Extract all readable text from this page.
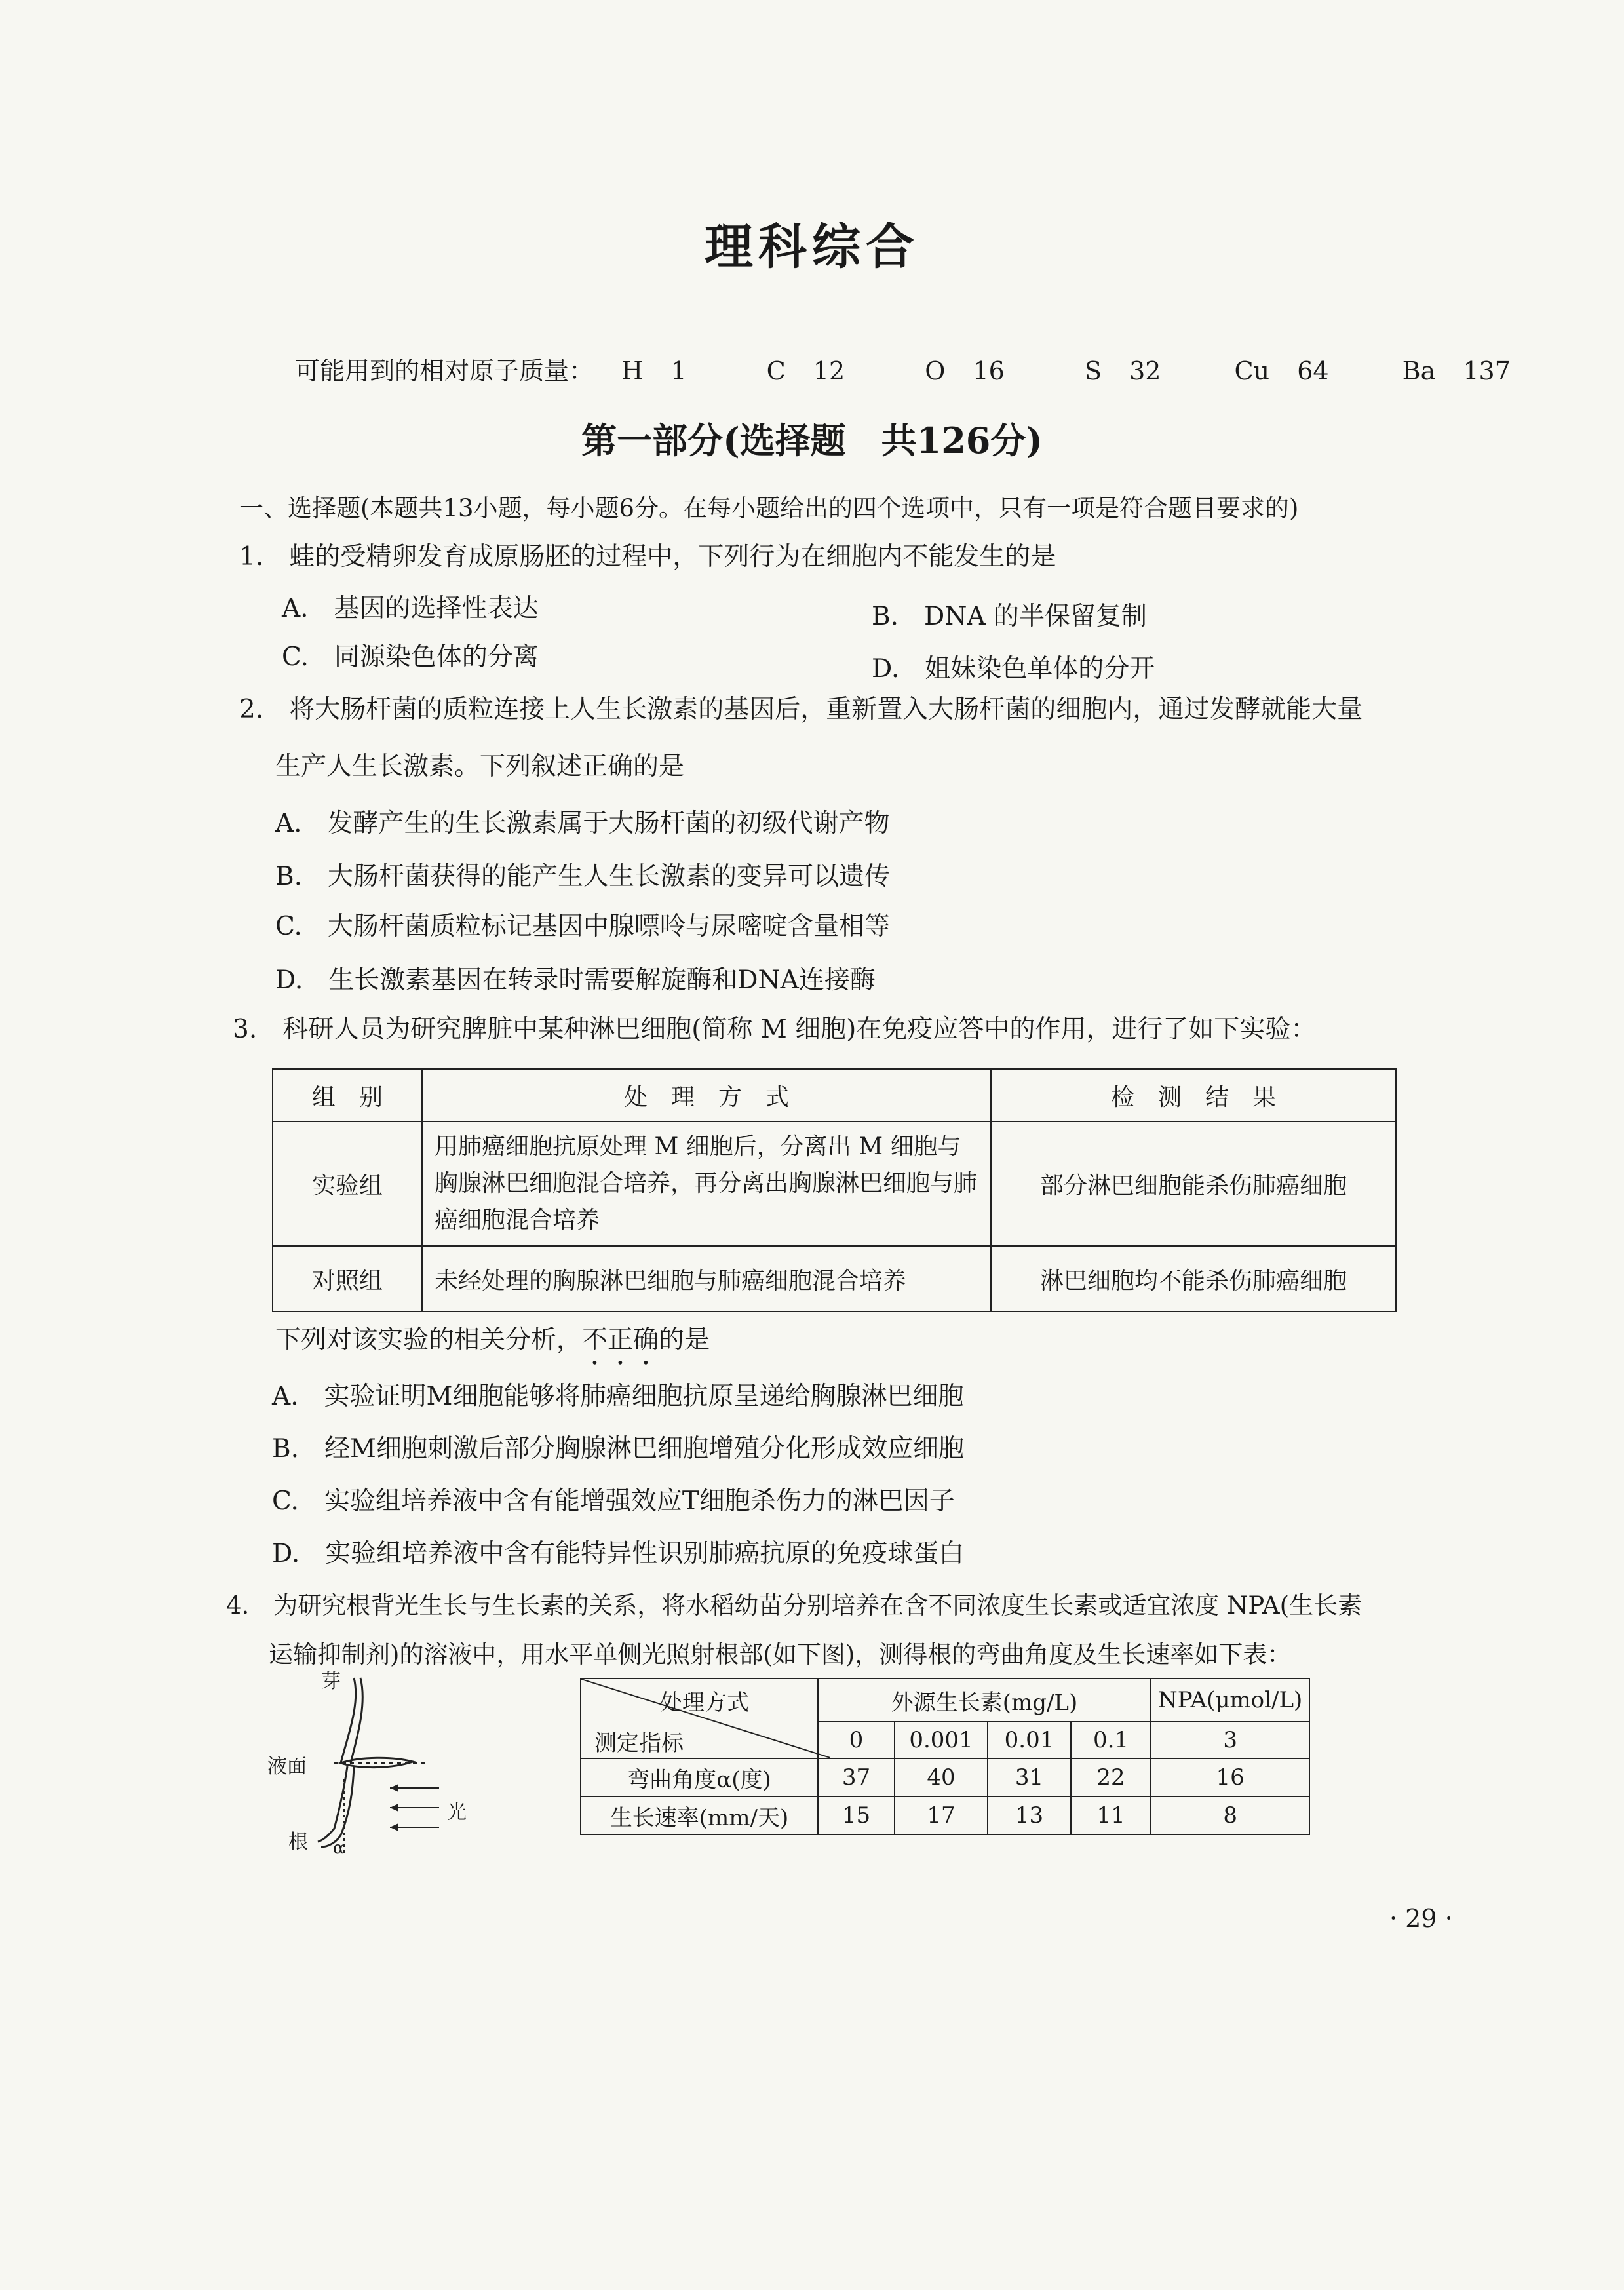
理科综合
可能用到的相对原子质量： H 1	C 12	O 16	S 32	Cu 64	Ba 137
第一部分(选择题　共126分)
一、选择题(本题共13小题，每小题6分。在每小题给出的四个选项中，只有一项是符合题目要求的)
1.　蛙的受精卵发育成原肠胚的过程中，下列行为在细胞内不能发生的是
A.　基因的选择性表达	B.　DNA 的半保留复制
C.　同源染色体的分离	D.　姐妹染色单体的分开
2.　将大肠杆菌的质粒连接上人生长激素的基因后，重新置入大肠杆菌的细胞内，通过发酵就能大量
生产人生长激素。下列叙述正确的是
A.　发酵产生的生长激素属于大肠杆菌的初级代谢产物
B.　大肠杆菌获得的能产生人生长激素的变异可以遗传
C.　大肠杆菌质粒标记基因中腺嘌呤与尿嘧啶含量相等
D.　生长激素基因在转录时需要解旋酶和DNA连接酶
3.　科研人员为研究脾脏中某种淋巴细胞(简称 M 细胞)在免疫应答中的作用，进行了如下实验：
组　别	处　理　方　式	检　测　结　果
实验组	用肺癌细胞抗原处理 M 细胞后，分离出 M 细胞与胸腺淋巴细胞混合培养，再分离出胸腺淋巴细胞与肺癌细胞混合培养	部分淋巴细胞能杀伤肺癌细胞
对照组	未经处理的胸腺淋巴细胞与肺癌细胞混合培养	淋巴细胞均不能杀伤肺癌细胞
下列对该实验的相关分析，不正确的是
A.　实验证明M细胞能够将肺癌细胞抗原呈递给胸腺淋巴细胞
B.　经M细胞刺激后部分胸腺淋巴细胞增殖分化形成效应细胞
C.　实验组培养液中含有能增强效应T细胞杀伤力的淋巴因子
D.　实验组培养液中含有能特异性识别肺癌抗原的免疫球蛋白
4.　为研究根背光生长与生长素的关系，将水稻幼苗分别培养在含不同浓度生长素或适宜浓度 NPA(生长素
运输抑制剂)的溶液中，用水平单侧光照射根部(如下图)，测得根的弯曲角度及生长速率如下表：
芽
液面
根
光
α
处理方式
测定指标	外源生长素(mg/L)				NPA(μmol/L)
	0	0.001	0.01	0.1	3
弯曲角度α(度)	37	40	31	22	16
生长速率(mm/天)	15	17	13	11	8
· 29 ·
